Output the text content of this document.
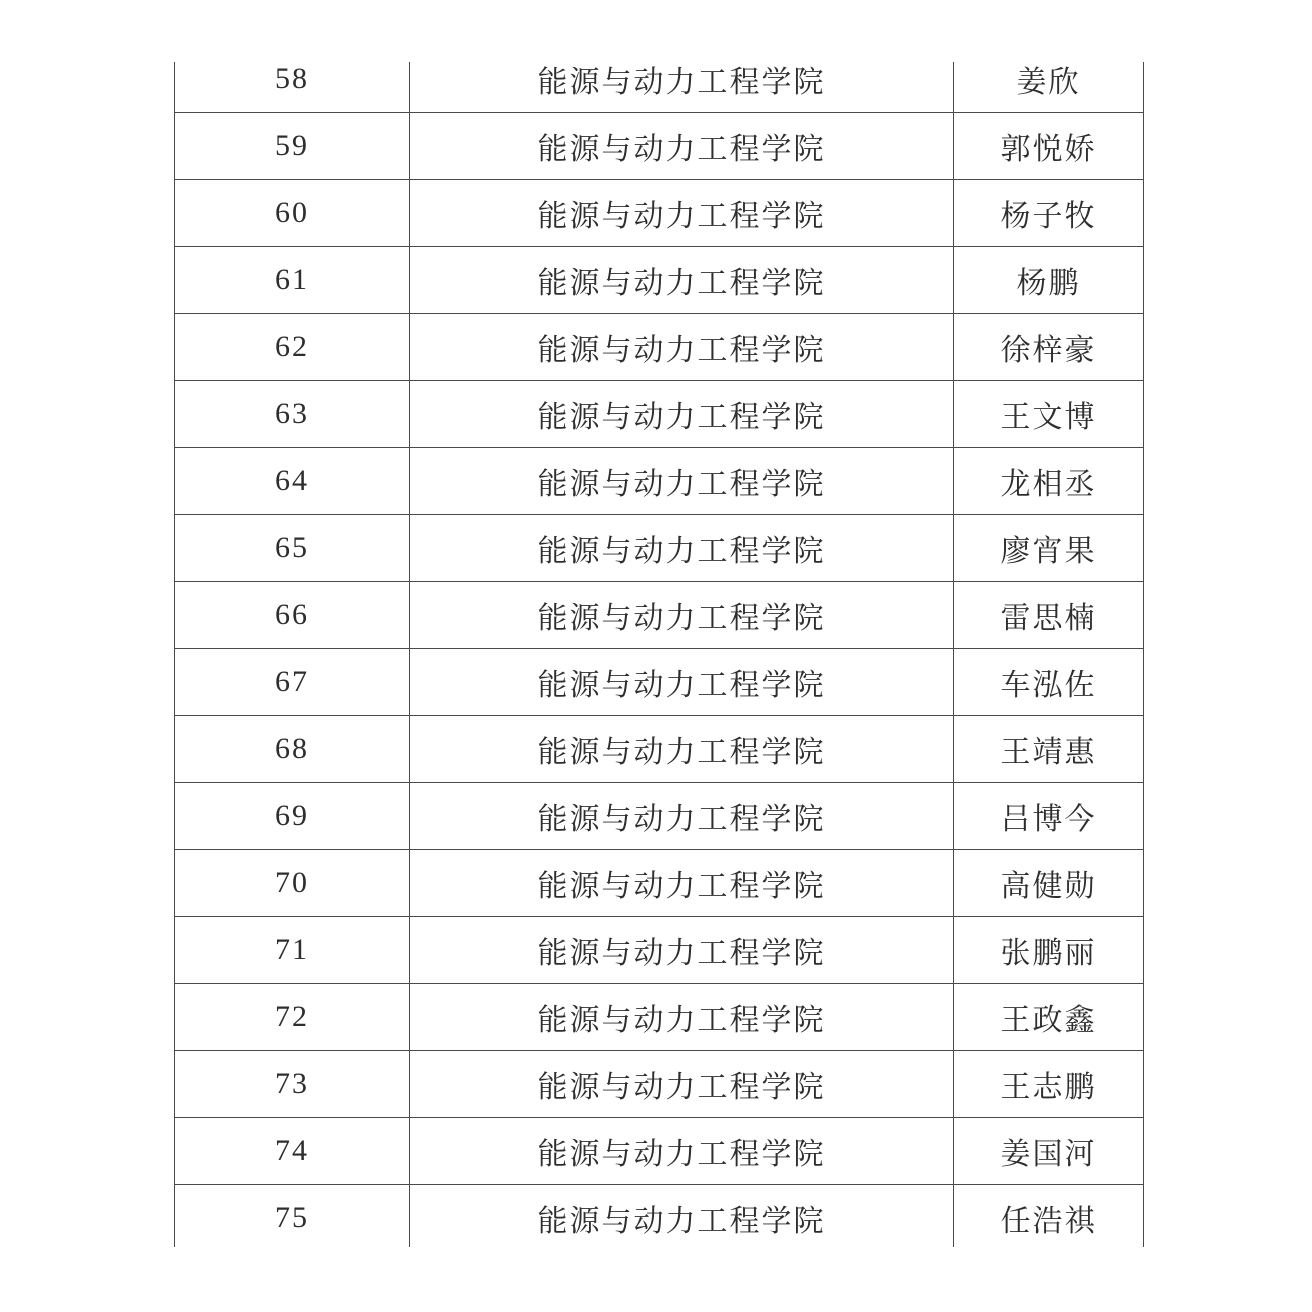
58	能源与动力工程学院	姜欣
59	能源与动力工程学院	郭悦娇
60	能源与动力工程学院	杨子牧
61	能源与动力工程学院	杨鹏
62	能源与动力工程学院	徐梓豪
63	能源与动力工程学院	王文博
64	能源与动力工程学院	龙相丞
65	能源与动力工程学院	廖宵果
66	能源与动力工程学院	雷思楠
67	能源与动力工程学院	车泓佐
68	能源与动力工程学院	王靖惠
69	能源与动力工程学院	吕博今
70	能源与动力工程学院	高健勋
71	能源与动力工程学院	张鹏丽
72	能源与动力工程学院	王政鑫
73	能源与动力工程学院	王志鹏
74	能源与动力工程学院	姜国河
75	能源与动力工程学院	任浩祺
